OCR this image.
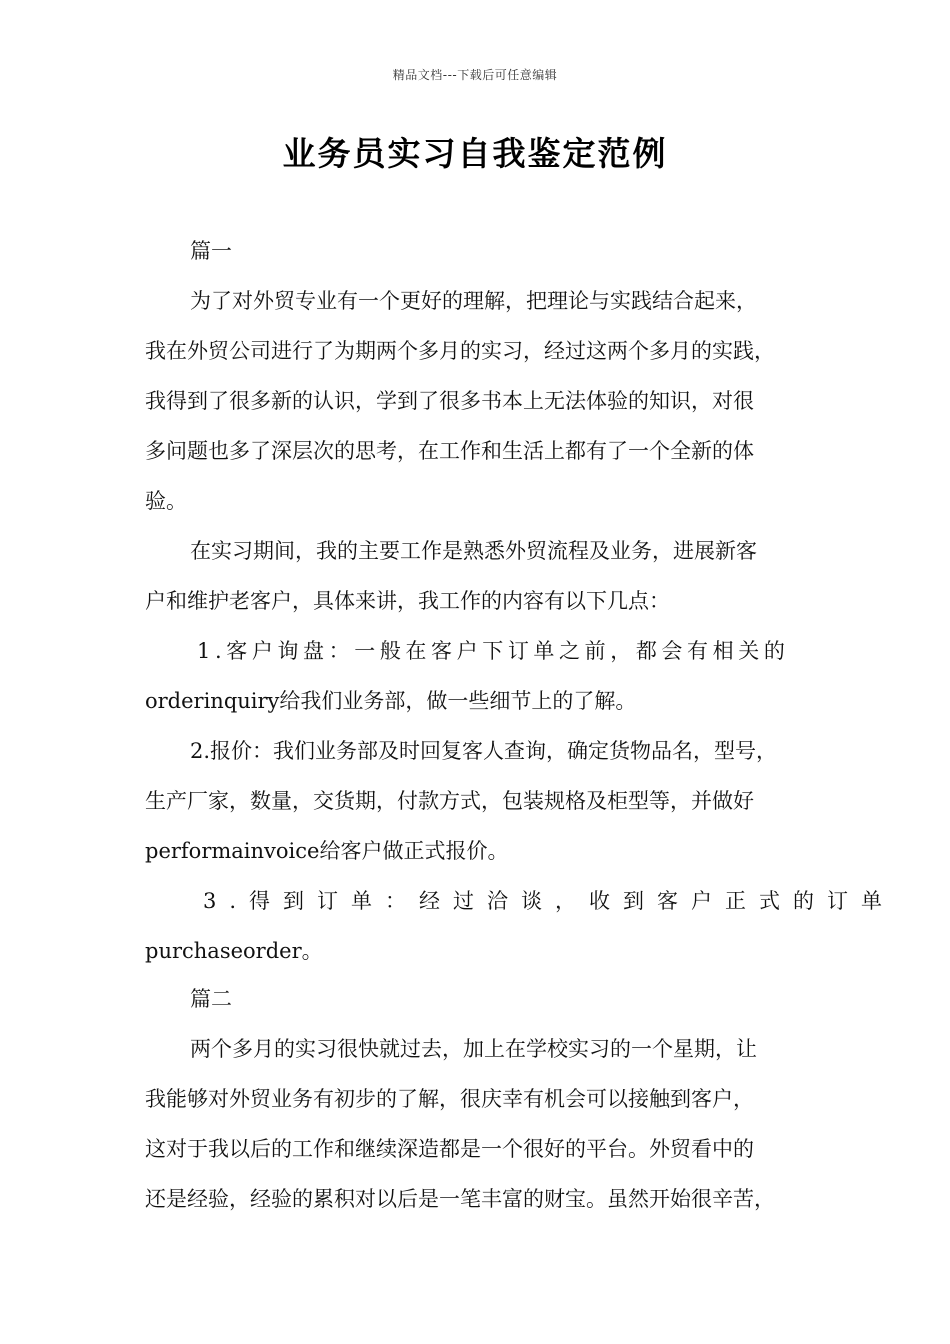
精品文档---下载后可任意编辑
业务员实习自我鉴定范例
篇一
为了对外贸专业有一个更好的理解，把理论与实践结合起来，
我在外贸公司进行了为期两个多月的实习，经过这两个多月的实践，
我得到了很多新的认识，学到了很多书本上无法体验的知识，对很
多问题也多了深层次的思考，在工作和生活上都有了一个全新的体
验。
在实习期间，我的主要工作是熟悉外贸流程及业务，进展新客
户和维护老客户，具体来讲，我工作的内容有以下几点：
1.客户询盘：一般在客户下订单之前，都会有相关的
orderinquiry给我们业务部，做一些细节上的了解。
2.报价：我们业务部及时回复客人查询，确定货物品名，型号，
生产厂家，数量，交货期，付款方式，包装规格及柜型等，并做好
performainvoice给客户做正式报价。
3.得到订单：经过洽谈，收到客户正式的订单
purchaseorder。
篇二
两个多月的实习很快就过去，加上在学校实习的一个星期，让
我能够对外贸业务有初步的了解，很庆幸有机会可以接触到客户，
这对于我以后的工作和继续深造都是一个很好的平台。外贸看中的
还是经验，经验的累积对以后是一笔丰富的财宝。虽然开始很辛苦，
